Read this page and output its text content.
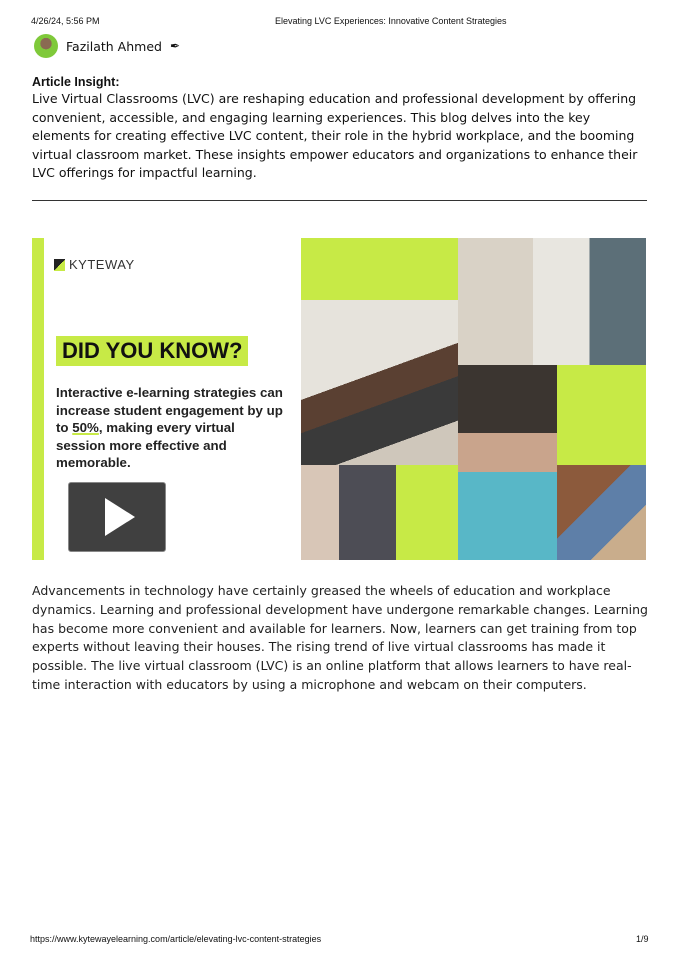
4/26/24, 5:56 PM	Elevating LVC Experiences: Innovative Content Strategies
Fazilath Ahmed ✒
Article Insight:
Live Virtual Classrooms (LVC) are reshaping education and professional development by offering convenient, accessible, and engaging learning experiences. This blog delves into the key elements for creating effective LVC content, their role in the hybrid workplace, and the booming virtual classroom market. These insights empower educators and organizations to enhance their LVC offerings for impactful learning.
KYTEWAY
DID YOU KNOW?
Interactive e-learning strategies can increase student engagement by up to 50%, making every virtual session more effective and memorable.
Advancements in technology have certainly greased the wheels of education and workplace dynamics. Learning and professional development have undergone remarkable changes. Learning has become more convenient and available for learners. Now, learners can get training from top experts without leaving their houses. The rising trend of live virtual classrooms has made it possible. The live virtual classroom (LVC) is an online platform that allows learners to have real-time interaction with educators by using a microphone and webcam on their computers.
https://www.kytewayelearning.com/article/elevating-lvc-content-strategies	1/9
